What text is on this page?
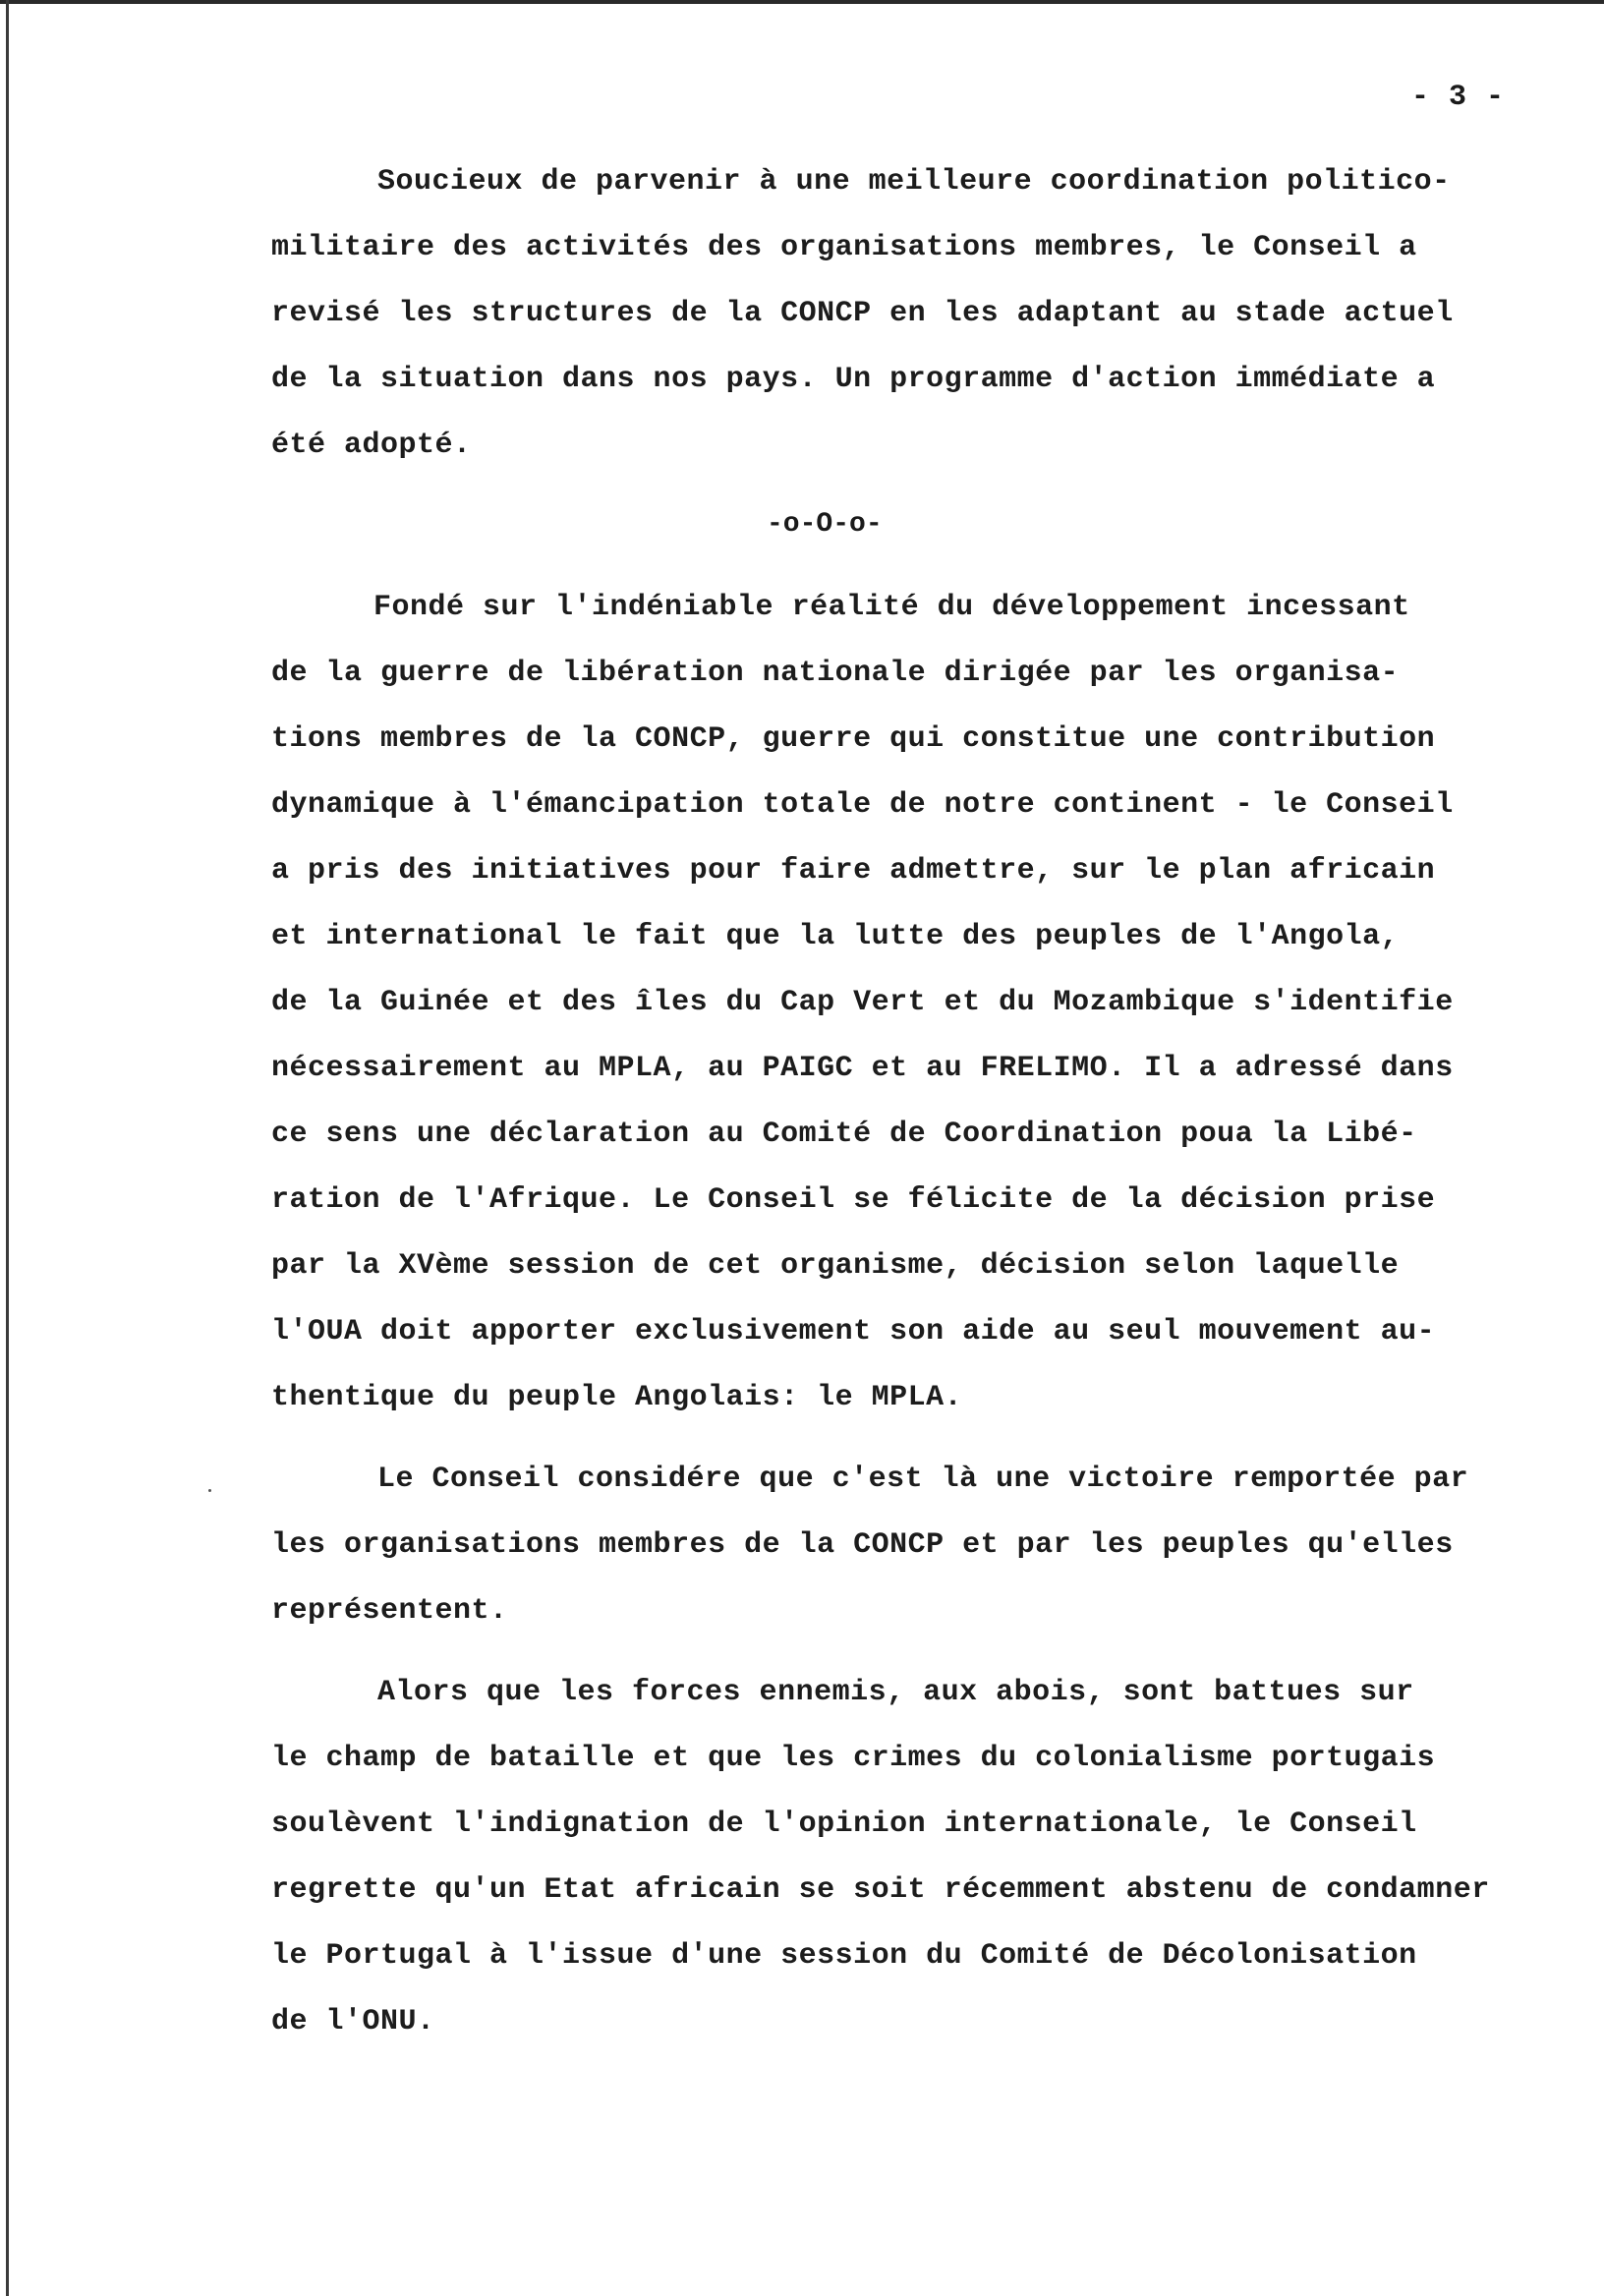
- 3 -
Soucieux de parvenir à une meilleure coordination politico-
militaire des activités des organisations membres, le Conseil a
revisé les structures de la CONCP en les adaptant au stade actuel
de la situation dans nos pays. Un programme d'action immédiate a
été adopté.
-o-O-o-
Fondé sur l'indéniable réalité du développement incessant
de la guerre de libération nationale dirigée par les organisa-
tions membres de la CONCP, guerre qui constitue une contribution
dynamique à l'émancipation totale de notre continent - le Conseil
a pris des initiatives pour faire admettre, sur le plan africain
et international le fait que la lutte des peuples de l'Angola,
de la Guinée et des îles du Cap Vert et du Mozambique s'identifie
nécessairement au MPLA, au PAIGC et au FRELIMO. Il a adressé dans
ce sens une déclaration au Comité de Coordination poua la Libé-
ration de l'Afrique. Le Conseil se félicite de la décision prise
par la XVème session de cet organisme, décision selon laquelle
l'OUA doit apporter exclusivement son aide au seul mouvement au-
thentique du peuple Angolais: le MPLA.
Le Conseil considére que c'est là une victoire remportée par
les organisations membres de la CONCP et par les peuples qu'elles
représentent.
Alors que les forces ennemis, aux abois, sont battues sur
le champ de bataille et que les crimes du colonialisme portugais
soulèvent l'indignation de l'opinion internationale, le Conseil
regrette qu'un Etat africain se soit récemment abstenu de condamner
le Portugal à l'issue d'une session du Comité de Décolonisation
de l'ONU.
